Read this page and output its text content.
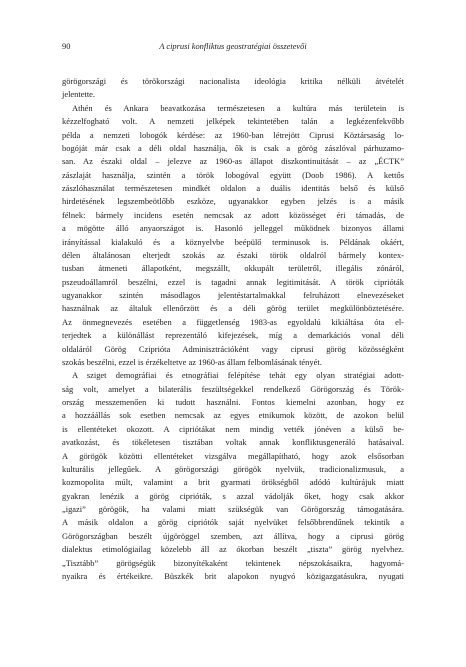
90	A ciprusi konfliktus geostratégiai összetevői
görögországi és törökországi nacionalista ideológia kritika nélküli átvételét
jelentette.
Athén és Ankara beavatkozása természetesen a kultúra más területein is
kézzelfogható volt. A nemzeti jelképek tekintetében talán a legkézenfekvőbb
példa a nemzeti lobogók kérdése: az 1960-ban létrejött Ciprusi Köztársaság lo-
bogóját már csak a déli oldal használja, ők is csak a görög zászlóval párhuzamo-
san. Az északi oldal – jelezve az 1960-as állapot diszkontinuitását – az „ÉCTK”
zászlaját használja, szintén a török lobogóval együtt (Doob 1986). A kettős
zászlóhasználat természetesen mindkét oldalon a duális identitás belső és külső
hirdetésének legszembeötlőbb eszköze, ugyanakkor egyben jelzés is a másik
félnek: bármely incidens esetén nemcsak az adott közösséget éri támadás, de
a mögötte álló anyaországot is. Hasonló jelleggel működnek bizonyos állami
irányítással kialakuló és a köznyelvbe beépülő terminusok is. Példának okáért,
délen általánosan elterjedt szokás az északi török oldalról bármely kontex-
tusban átmeneti állapotként, megszállt, okkupált területről, illegális zónáról,
pszeudoállamról beszélni, ezzel is tagadni annak legitimitását. A török ciprióták
ugyanakkor szintén másodlagos jelentéstartalmakkal felruházott elnevezéseket
használnak az általuk ellenőrzött és a déli görög terület megkülönböztetésére.
Az önmegnevezés esetében a függetlenség 1983-as egyoldalú kikiáltása óta el-
terjedtek a különállást reprezentáló kifejezések, míg a demarkációs vonal déli
oldaláról Görög Cziprióta Adminisztrációként vagy ciprusi görög közösségként
szokás beszélni, ezzel is érzékeltetve az 1960-as állam felbomlásának tényét.
A sziget demográfiai és etnográfiai felépítése tehát egy olyan stratégiai adott-
ság volt, amelyet a bilaterális feszültségekkel rendelkező Görögország és Török-
ország messzemenően ki tudott használni. Fontos kiemelni azonban, hogy ez
a hozzáállás sok esetben nemcsak az egyes etnikumok között, de azokon belül
is ellentéteket okozott. A cipriótákat nem mindig vették jónéven a külső be-
avatkozást, és tökéletesen tisztában voltak annak konfliktusgeneráló hatásaival.
A görögök közötti ellentéteket vizsgálva megállapítható, hogy azok elsősorban
kulturális jellegűek. A görögországi görögök nyelvük, tradicionalizmusuk, a
kozmopolita múlt, valamint a brit gyarmati örökségből adódó kultúrájuk miatt
gyakran lenézik a görög ciprióták, s azzal vádolják őket, hogy csak akkor
„igazi” görögök, ha valami miatt szükségük van Görögország támogatására.
A másik oldalon a görög cipriótók saját nyelvüket felsőbbrendűnek tekintik a
Görögországban beszélt újgöröggel szemben, azt állítva, hogy a ciprusi görög
dialektus etimológiailag közelebb áll az ókorban beszélt „tiszta” görög nyelvhez.
„Tisztább” görögségük bizonyítékaként tekintenek népszokásaikra, hagyomá-
nyaikra és értékeikre. Büszkék brit alapokon nyugvó közigazgatásukra, nyugati
